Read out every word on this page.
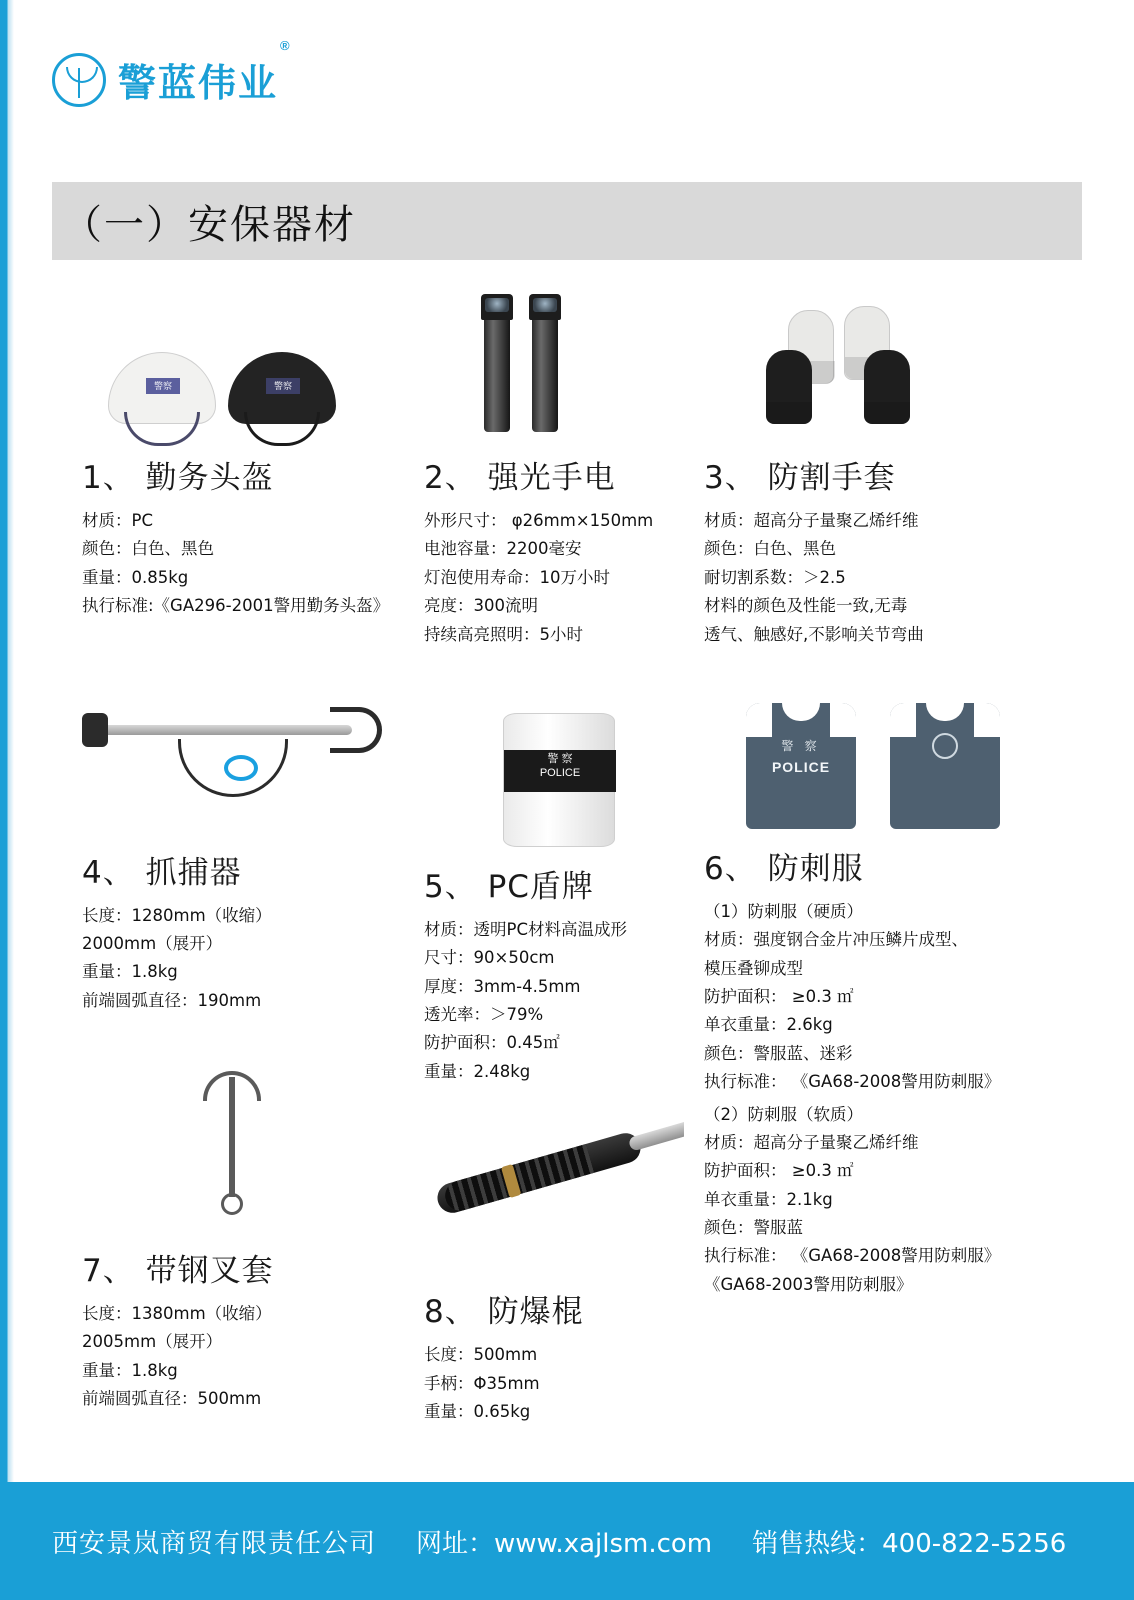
警蓝伟业®
（一）安保器材
警察	警察
1、 勤务头盔
材质：PC
颜色：白色、黑色
重量：0.85kg
执行标准:《GA296-2001警用勤务头盔》
4、 抓捕器
长度：1280mm（收缩）
2000mm（展开）
重量：1.8kg
前端圆弧直径：190mm
7、 带钢叉套
长度：1380mm（收缩）
2005mm（展开）
重量：1.8kg
前端圆弧直径：500mm
2、 强光手电
外形尺寸： φ26mm×150mm
电池容量：2200毫安
灯泡使用寿命：10万小时
亮度：300流明
持续高亮照明：5小时
警 察
POLICE
5、 PC盾牌
材质：透明PC材料高温成形
尺寸：90×50cm
厚度：3mm-4.5mm
透光率：＞79%
防护面积：0.45㎡
重量：2.48kg
8、 防爆棍
长度：500mm
手柄：Φ35mm
重量：0.65kg
3、 防割手套
材质：超高分子量聚乙烯纤维
颜色：白色、黑色
耐切割系数：＞2.5
材料的颜色及性能一致,无毒
透气、触感好,不影响关节弯曲
警 察
POLICE
6、 防刺服
（1）防刺服（硬质）
材质：强度钢合金片冲压鳞片成型、
模压叠铆成型
防护面积： ≥0.3 ㎡
单衣重量：2.6kg
颜色：警服蓝、迷彩
执行标准： 《GA68-2008警用防刺服》
（2）防刺服（软质）
材质：超高分子量聚乙烯纤维
防护面积： ≥0.3 ㎡
单衣重量：2.1kg
颜色：警服蓝
执行标准： 《GA68-2008警用防刺服》
《GA68-2003警用防刺服》
西安景岚商贸有限责任公司 网址：www.xajlsm.com 销售热线：400-822-5256
